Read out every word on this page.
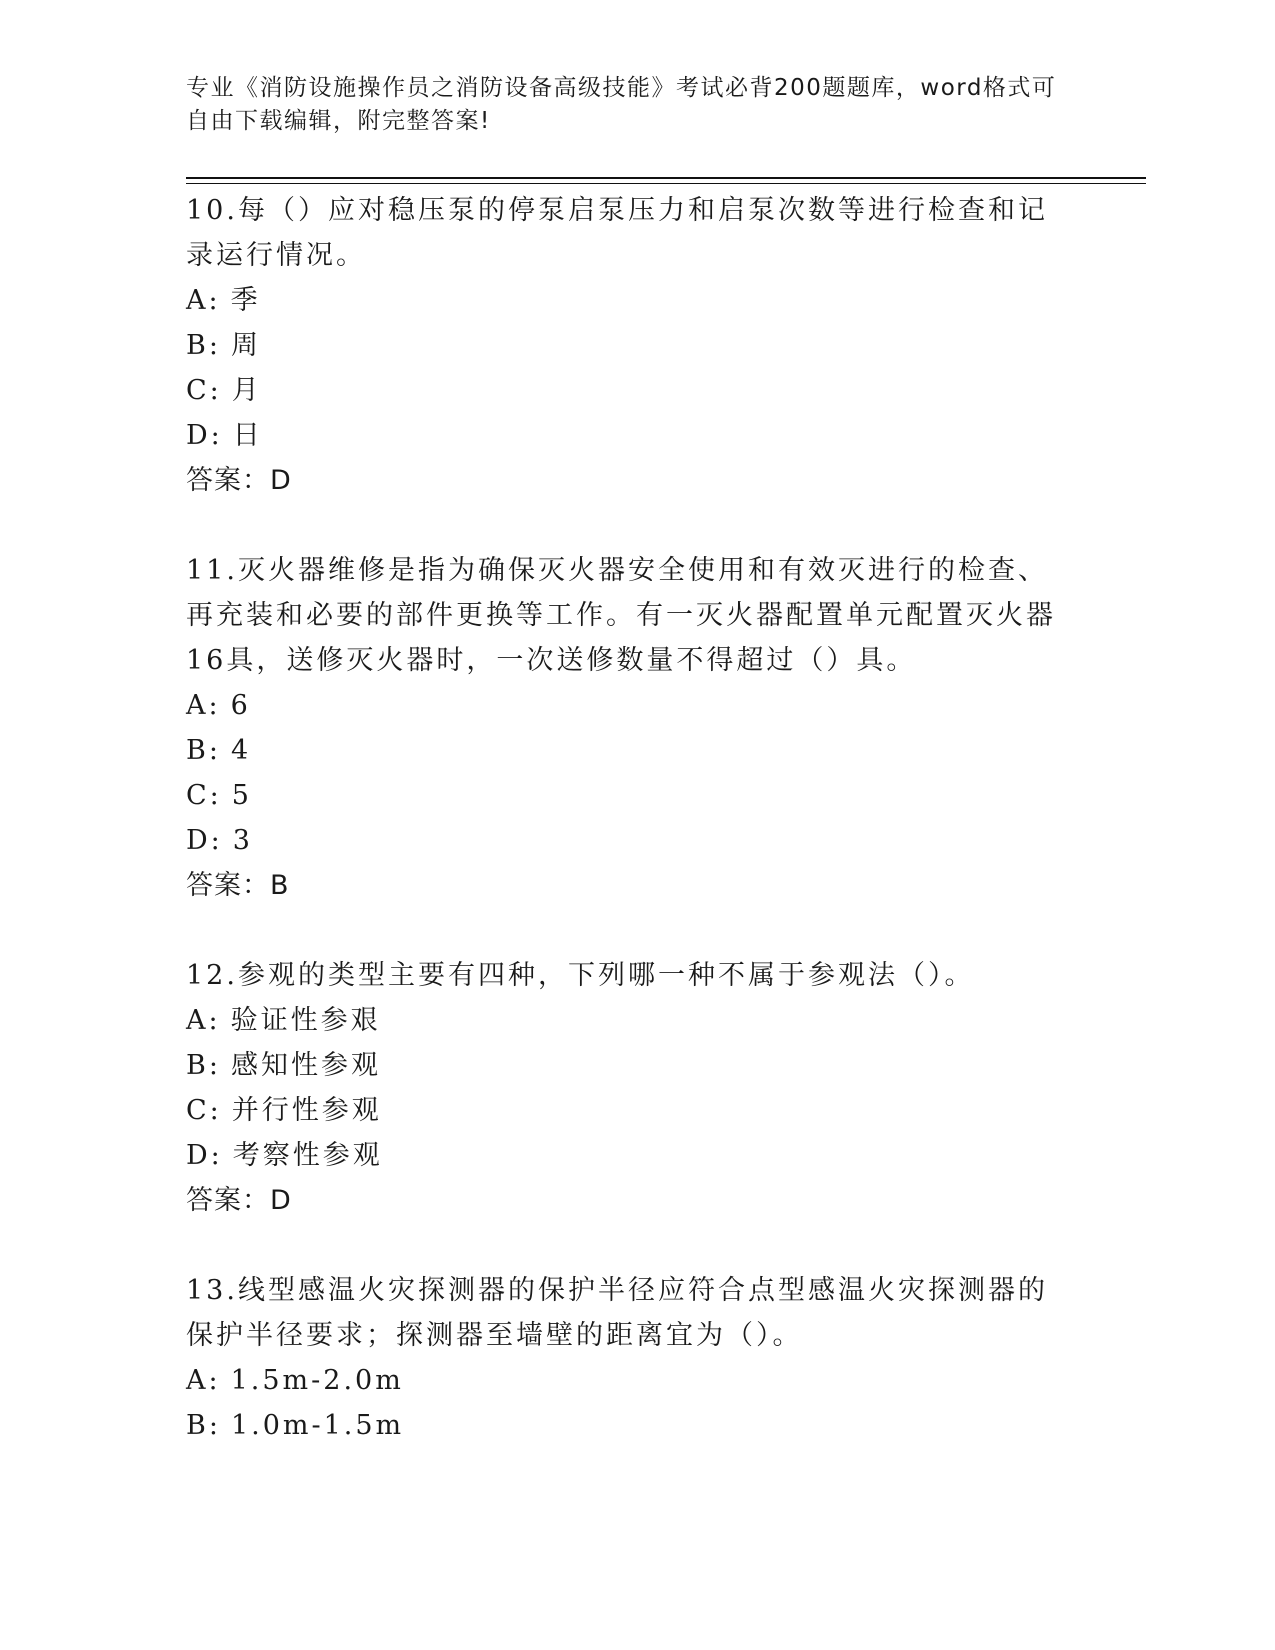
专业《消防设施操作员之消防设备高级技能》考试必背200题题库，word格式可
自由下载编辑，附完整答案!

10.每（）应对稳压泵的停泵启泵压力和启泵次数等进行检查和记录运行情况。

A: 季

B: 周

C: 月

D: 日

答案：D

11.灭火器维修是指为确保灭火器安全使用和有效灭进行的检查、再充装和必要的部件更换等工作。有一灭火器配置单元配置灭火器16具，送修灭火器时，一次送修数量不得超过（）具。

A: 6

B: 4

C: 5

D: 3

答案：B

12.参观的类型主要有四种，下列哪一种不属于参观法（）。

A: 验证性参艰

B: 感知性参观

C: 并行性参观

D: 考察性参观

答案：D

13.线型感温火灾探测器的保护半径应符合点型感温火灾探测器的保护半径要求；探测器至墙壁的距离宜为（）。

A: 1.5m-2.0m

B: 1.0m-1.5m
